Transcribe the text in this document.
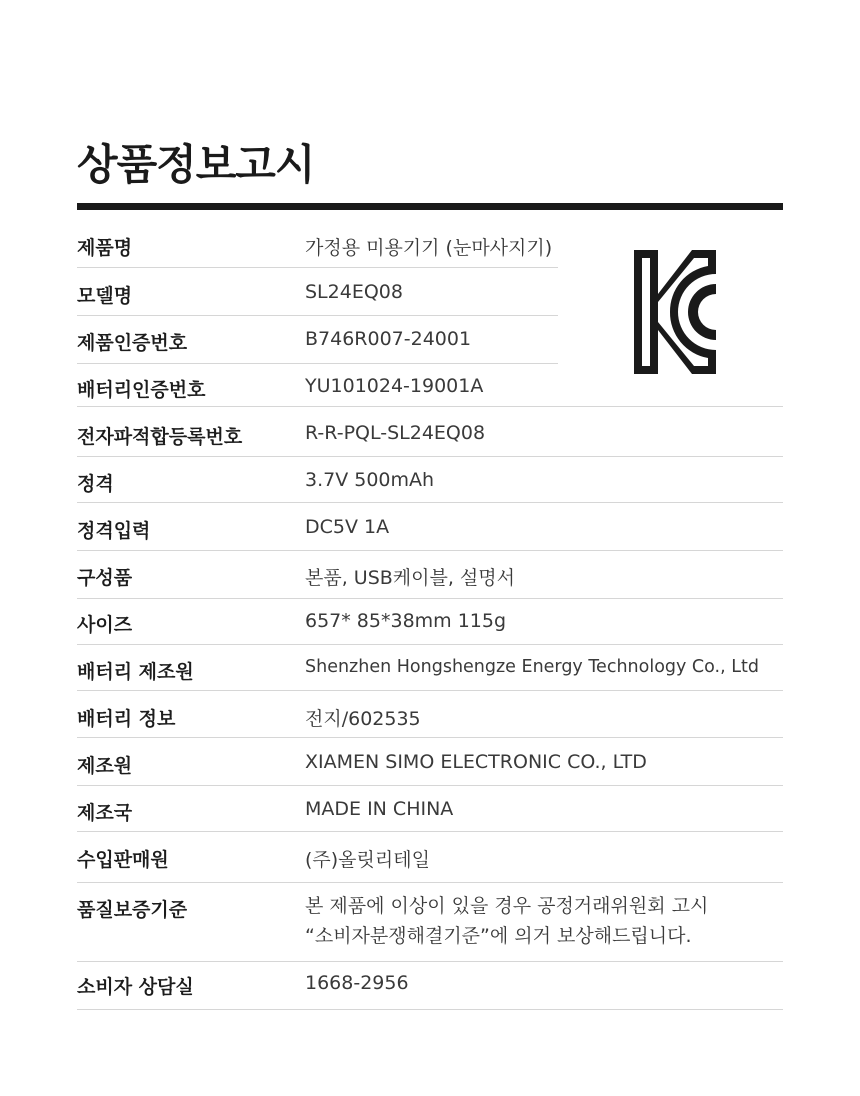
상품정보고시
제품명	가정용 미용기기 (눈마사지기)
모델명	SL24EQ08
제품인증번호	B746R007-24001
배터리인증번호	YU101024-19001A
전자파적합등록번호	R-R-PQL-SL24EQ08
정격	3.7V 500mAh
정격입력	DC5V 1A
구성품	본품, USB케이블, 설명서
사이즈	657* 85*38mm 115g
배터리 제조원	Shenzhen Hongshengze Energy Technology Co., Ltd
배터리 정보	전지/602535
제조원	XIAMEN SIMO ELECTRONIC CO., LTD
제조국	MADE IN CHINA
수입판매원	(주)올릿리테일
품질보증기준	본 제품에 이상이 있을 경우 공정거래위원회 고시
“소비자분쟁해결기준”에 의거 보상해드립니다.
소비자 상담실	1668-2956
